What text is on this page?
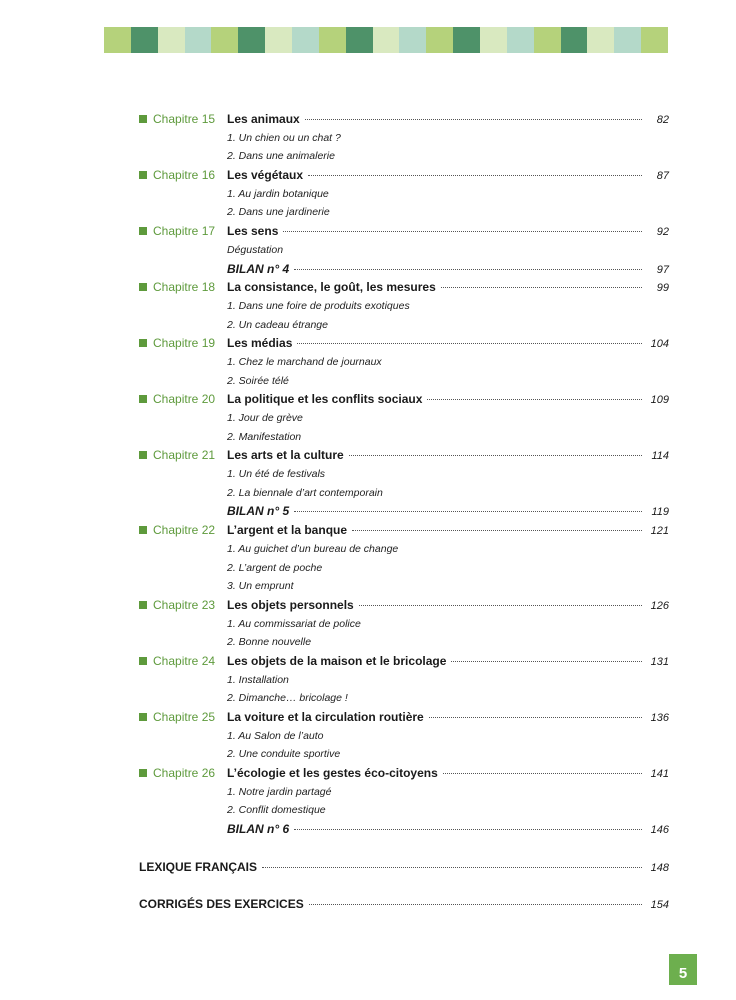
Chapitre 15 Les animaux	82
1. Un chien ou un chat ?
2. Dans une animalerie
Chapitre 16 Les végétaux	87
1. Au jardin botanique
2. Dans une jardinerie
Chapitre 17 Les sens	92
Dégustation
BILAN n° 4	97
Chapitre 18 La consistance, le goût, les mesures	99
1. Dans une foire de produits exotiques
2. Un cadeau étrange
Chapitre 19 Les médias	104
1. Chez le marchand de journaux
2. Soirée télé
Chapitre 20 La politique et les conflits sociaux	109
1. Jour de grève
2. Manifestation
Chapitre 21 Les arts et la culture	114
1. Un été de festivals
2. La biennale d’art contemporain
BILAN n° 5	119
Chapitre 22 L’argent et la banque	121
1. Au guichet d’un bureau de change
2. L’argent de poche
3. Un emprunt
Chapitre 23 Les objets personnels	126
1. Au commissariat de police
2. Bonne nouvelle
Chapitre 24 Les objets de la maison et le bricolage	131
1. Installation
2. Dimanche… bricolage !
Chapitre 25 La voiture et la circulation routière	136
1. Au Salon de l’auto
2. Une conduite sportive
Chapitre 26 L’écologie et les gestes éco-citoyens	141
1. Notre jardin partagé
2. Conflit domestique
BILAN n° 6	146
LEXIQUE FRANÇAIS	148
CORRIGÉS DES EXERCICES	154
5
